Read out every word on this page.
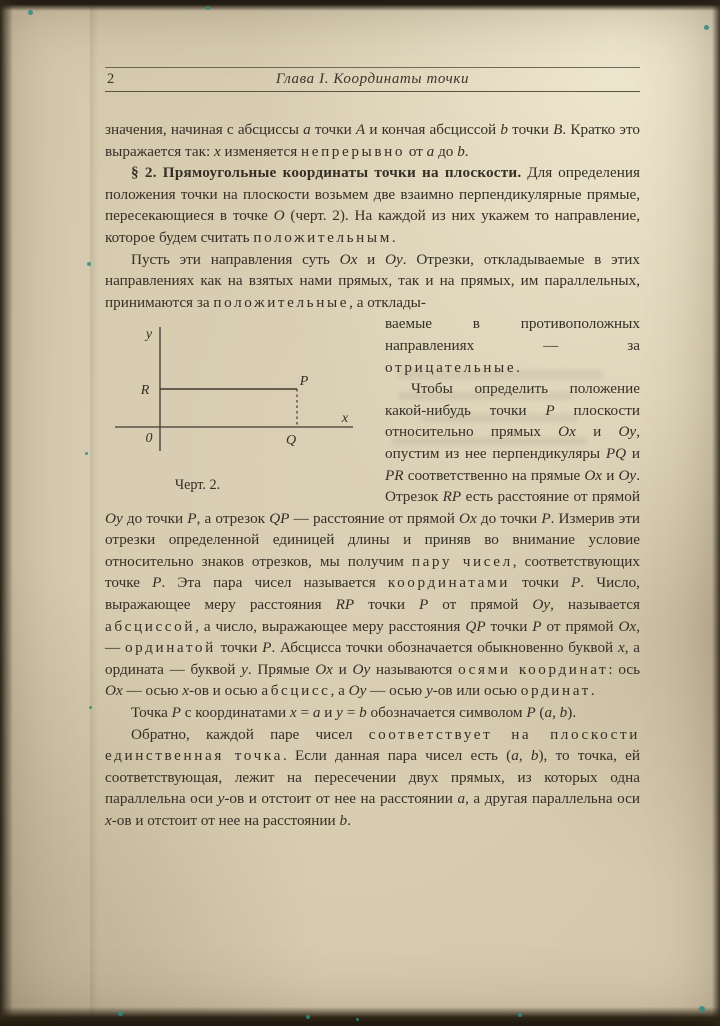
2	Глава I. Координаты точки

значения, начиная с абсциссы a точки A и кончая абсциссой b точки B. Кратко это выражается так: x изменяется непрерывно от a до b.

§ 2. Прямоугольные координаты точки на плоскости. Для определения положения точки на плоскости возьмем две взаимно перпендикулярные прямые, пересекающиеся в точке O (черт. 2). На каждой из них укажем то направление, которое будем считать положительным.

Пусть эти направления суть Ox и Oy. Отрезки, откладываемые в этих направлениях как на взятых нами прямых, так и на прямых, им параллельных, принимаются за положительные, а отклады-

y
x
R
P
0	Q
Черт. 2.

ваемые в противоположных направлениях — за отрицательные.

Чтобы определить положение какой-нибудь точки P плоскости относительно прямых Ox и Oy, опустим из нее перпендикуляры PQ и PR соответственно на прямые Ox и Oy. Отрезок RP есть расстояние от прямой Oy до точки P, а отрезок QP — расстояние от прямой Ox до точки P. Измерив эти отрезки определенной единицей длины и приняв во внимание условие относительно знаков отрезков, мы получим пару чисел, соответствующих точке P. Эта пара чисел называется координатами точки P. Число, выражающее меру расстояния RP точки P от прямой Oy, называется абсциссой, а число, выражающее меру расстояния QP точки P от прямой Ox, — ординатой точки P. Абсцисса точки обозначается обыкновенно буквой x, а ордината — буквой y. Прямые Ox и Oy называются осями координат: ось Ox — осью x-ов и осью абсцисс, а Oy — осью y-ов или осью ординат.

Точка P с координатами x = a и y = b обозначается символом P (a, b).

Обратно, каждой паре чисел соответствует на плоскости единственная точка. Если данная пара чисел есть (a, b), то точка, ей соответствующая, лежит на пересечении двух прямых, из которых одна параллельна оси y-ов и отстоит от нее на расстоянии a, а другая параллельна оси x-ов и отстоит от нее на расстоянии b.
